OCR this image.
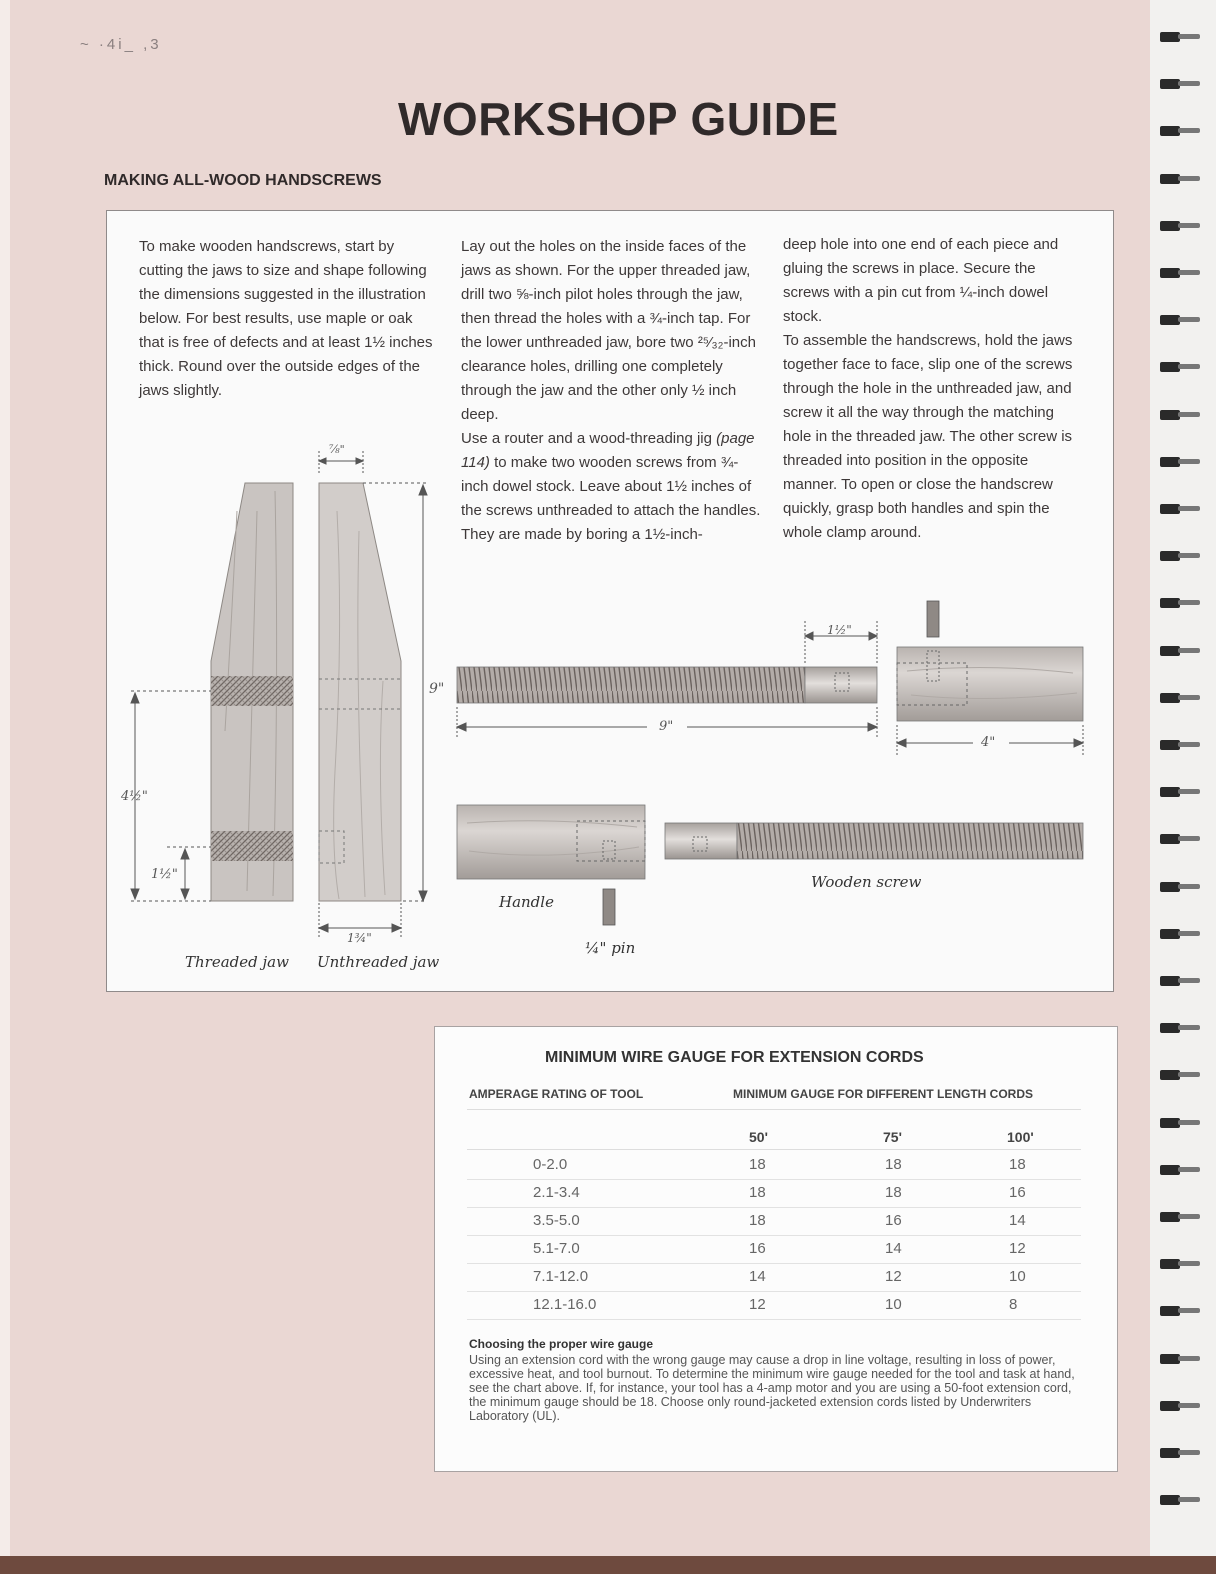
~ ·4i_ ,3
WORKSHOP GUIDE
MAKING ALL-WOOD HANDSCREWS

To make wooden handscrews, start by cutting the jaws to size and shape following the dimensions suggested in the illustration below. For best results, use maple or oak that is free of defects and at least 1½ inches thick. Round over the outside edges of the jaws slightly.

Lay out the holes on the inside faces of the jaws as shown. For the upper threaded jaw, drill two ⅝-inch pilot holes through the jaw, then thread the holes with a ¾-inch tap. For the lower unthreaded jaw, bore two ²⁵⁄₃₂-inch clearance holes, drilling one completely through the jaw and the other only ½ inch deep.

Use a router and a wood-threading jig (page 114) to make two wooden screws from ¾-inch dowel stock. Leave about 1½ inches of the screws unthreaded to attach the handles. They are made by boring a 1½-inch-

deep hole into one end of each piece and gluing the screws in place. Secure the screws with a pin cut from ¼-inch dowel stock.

To assemble the handscrews, hold the jaws together face to face, slip one of the screws through the hole in the unthreaded jaw, and screw it all the way through the matching hole in the threaded jaw. The other screw is threaded into position in the opposite manner. To open or close the handscrew quickly, grasp both handles and spin the whole clamp around.

⅞"
9"
4½"
1½"
1¾"
1½"
9"
4"
Threaded jaw Unthreaded jaw
Handle
¼" pin
Wooden screw
MINIMUM WIRE GAUGE FOR EXTENSION CORDS
AMPERAGE RATING OF TOOL	MINIMUM GAUGE FOR DIFFERENT LENGTH CORDS
50'	75'	100'
0-2.0	18	18	18
2.1-3.4	18	18	16
3.5-5.0	18	16	14
5.1-7.0	16	14	12
7.1-12.0	14	12	10
12.1-16.0	12	10	8
Choosing the proper wire gauge

Using an extension cord with the wrong gauge may cause a drop in line voltage, resulting in loss of power, excessive heat, and tool burnout. To determine the minimum wire gauge needed for the tool and task at hand, see the chart above. If, for instance, your tool has a 4-amp motor and you are using a 50-foot extension cord, the minimum gauge should be 18. Choose only round-jacketed extension cords listed by Underwriters Laboratory (UL).
